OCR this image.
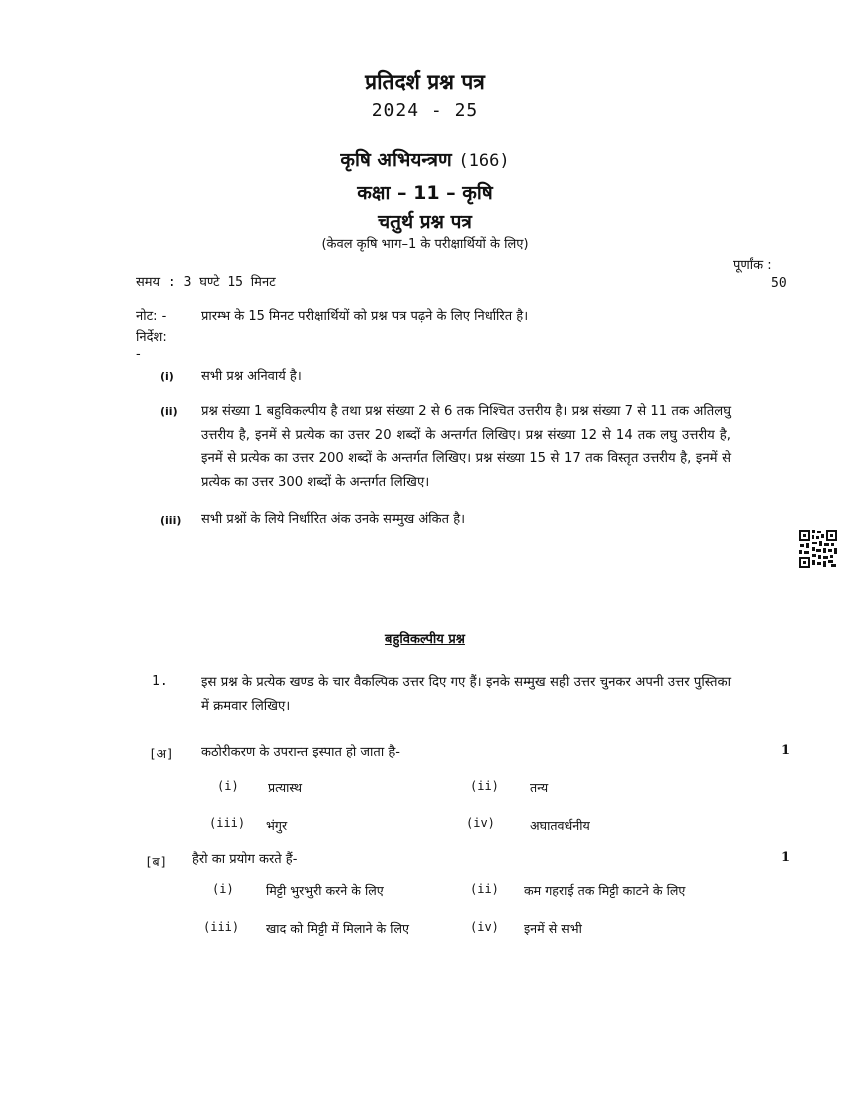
प्रतिदर्श प्रश्न पत्र
2024 - 25
कृषि अभियन्त्रण (166)
कक्षा – 11 – कृषि
चतुर्थ प्रश्न पत्र
(केवल कृषि भाग–1 के परीक्षार्थियों के लिए)
पूर्णांक :
50
समय : 3 घण्टे 15 मिनट
नोट: -	प्रारम्भ के 15 मिनट परीक्षार्थियों को प्रश्न पत्र पढ़ने के लिए निर्धारित है।
निर्देश:
-
(i) सभी प्रश्न अनिवार्य है।
(ii) प्रश्न संख्या 1 बहुविकल्पीय है तथा प्रश्न संख्या 2 से 6 तक निश्चित उत्तरीय है। प्रश्न संख्या 7 से 11 तक अतिलघु उत्तरीय है, इनमें से प्रत्येक का उत्तर 20 शब्दों के अन्तर्गत लिखिए। प्रश्न संख्या 12 से 14 तक लघु उत्तरीय है, इनमें से प्रत्येक का उत्तर 200 शब्दों के अन्तर्गत लिखिए। प्रश्न संख्या 15 से 17 तक विस्तृत उत्तरीय है, इनमें से प्रत्येक का उत्तर 300 शब्दों के अन्तर्गत लिखिए।
(iii) सभी प्रश्नों के लिये निर्धारित अंक उनके सम्मुख अंकित है।
बहुविकल्पीय प्रश्न
1.	इस प्रश्न के प्रत्येक खण्ड के चार वैकल्पिक उत्तर दिए गए हैं। इनके सम्मुख सही उत्तर चुनकर अपनी उत्तर पुस्तिका में क्रमवार लिखिए।
[अ] कठोरीकरण के उपरान्त इस्पात हो जाता है-	1
(i) प्रत्यास्थ	(ii) तन्य
(iii) भंगुर	(iv)	अघातवर्धनीय
[ब] हैरो का प्रयोग करते हैं-	1
(i)	मिट्टी भुरभुरी करने के लिए	(ii) कम गहराई तक मिट्टी काटने के लिए
(iii) खाद को मिट्टी में मिलाने के लिए	(iv) इनमें से सभी
